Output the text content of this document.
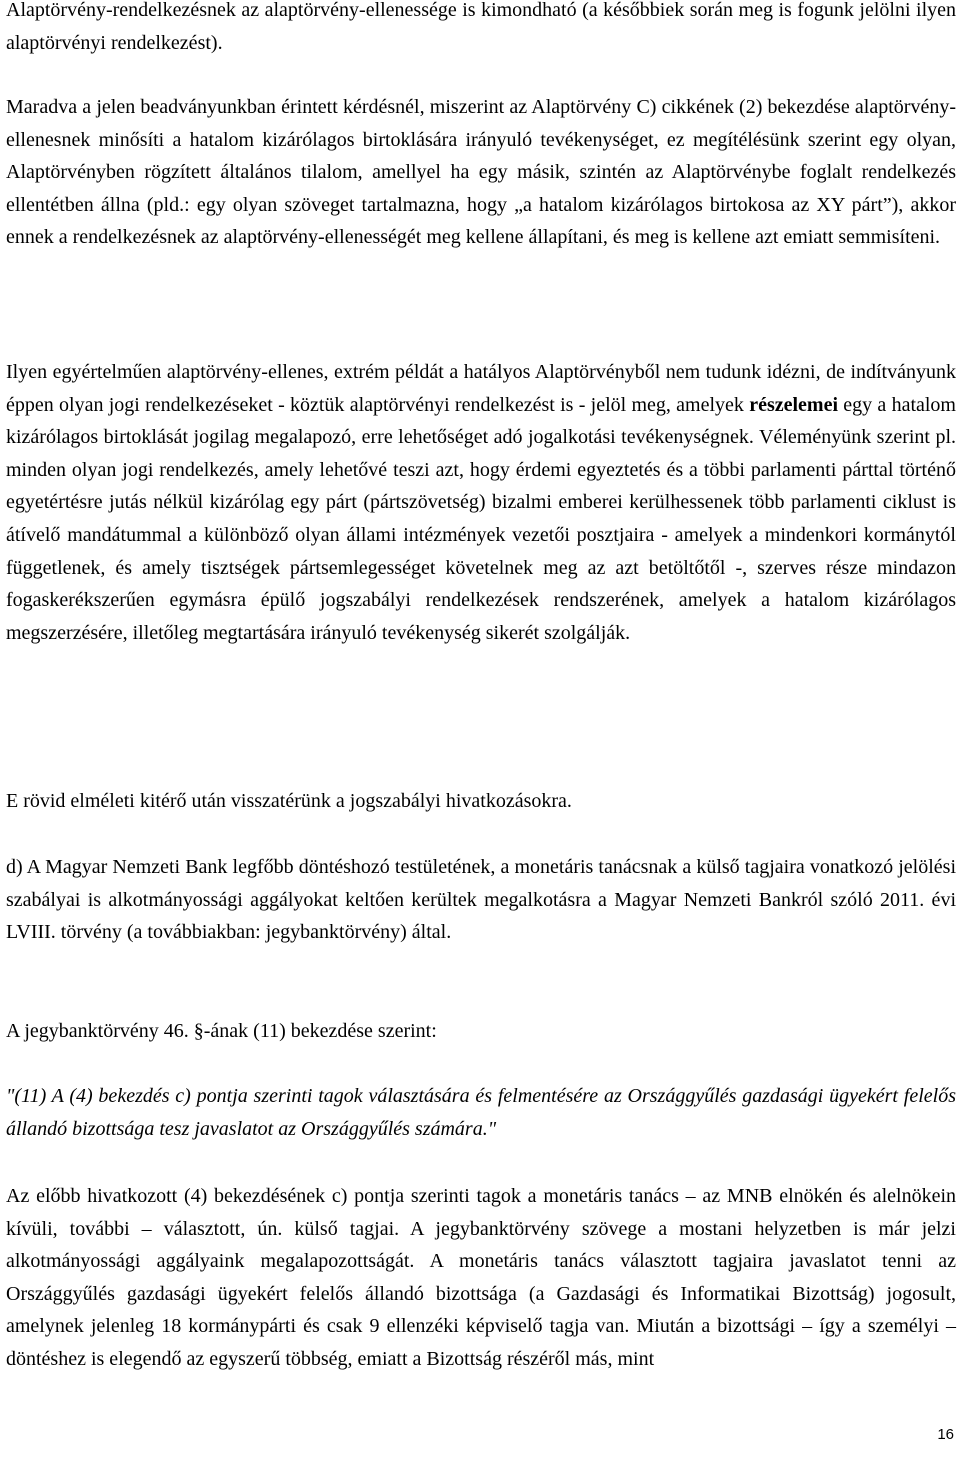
Alaptörvény-rendelkezésnek az alaptörvény-ellenessége is kimondható (a későbbiek során meg is fogunk jelölni ilyen alaptörvényi rendelkezést).

Maradva a jelen beadványunkban érintett kérdésnél, miszerint az Alaptörvény C) cikkének (2) bekezdése alaptörvény-ellenesnek minősíti a hatalom kizárólagos birtoklására irányuló tevékenységet, ez megítélésünk szerint egy olyan, Alaptörvényben rögzített általános tilalom, amellyel ha egy másik, szintén az Alaptörvénybe foglalt rendelkezés ellentétben állna (pld.: egy olyan szöveget tartalmazna, hogy „a hatalom kizárólagos birtokosa az XY párt”), akkor ennek a rendelkezésnek az alaptörvény-ellenességét meg kellene állapítani, és meg is kellene azt emiatt semmisíteni.

Ilyen egyértelműen alaptörvény-ellenes, extrém példát a hatályos Alaptörvényből nem tudunk idézni, de indítványunk éppen olyan jogi rendelkezéseket - köztük alaptörvényi rendelkezést is - jelöl meg, amelyek részelemei egy a hatalom kizárólagos birtoklását jogilag megalapozó, erre lehetőséget adó jogalkotási tevékenységnek. Véleményünk szerint pl. minden olyan jogi rendelkezés, amely lehetővé teszi azt, hogy érdemi egyeztetés és a többi parlamenti párttal történő egyetértésre jutás nélkül kizárólag egy párt (pártszövetség) bizalmi emberei kerülhessenek több parlamenti ciklust is átívelő mandátummal a különböző olyan állami intézmények vezetői posztjaira - amelyek a mindenkori kormánytól függetlenek, és amely tisztségek pártsemlegességet követelnek meg az azt betöltőtől -, szerves része mindazon fogaskerékszerűen egymásra épülő jogszabályi rendelkezések rendszerének, amelyek a hatalom kizárólagos megszerzésére, illetőleg megtartására irányuló tevékenység sikerét szolgálják.

E rövid elméleti kitérő után visszatérünk a jogszabályi hivatkozásokra.

d) A Magyar Nemzeti Bank legfőbb döntéshozó testületének, a monetáris tanácsnak a külső tagjaira vonatkozó jelölési szabályai is alkotmányossági aggályokat keltően kerültek megalkotásra a Magyar Nemzeti Bankról szóló 2011. évi LVIII. törvény (a továbbiakban: jegybanktörvény) által.

A jegybanktörvény 46. §-ának (11) bekezdése szerint:

"(11) A (4) bekezdés c) pontja szerinti tagok választására és felmentésére az Országgyűlés gazdasági ügyekért felelős állandó bizottsága tesz javaslatot az Országgyűlés számára."

Az előbb hivatkozott (4) bekezdésének c) pontja szerinti tagok a monetáris tanács – az MNB elnökén és alelnökein kívüli, további – választott, ún. külső tagjai. A jegybanktörvény szövege a mostani helyzetben is már jelzi alkotmányossági aggályaink megalapozottságát. A monetáris tanács választott tagjaira javaslatot tenni az Országgyűlés gazdasági ügyekért felelős állandó bizottsága (a Gazdasági és Informatikai Bizottság) jogosult, amelynek jelenleg 18 kormánypárti és csak 9 ellenzéki képviselő tagja van. Miután a bizottsági – így a személyi – döntéshez is elegendő az egyszerű többség, emiatt a Bizottság részéről más, mint

16
